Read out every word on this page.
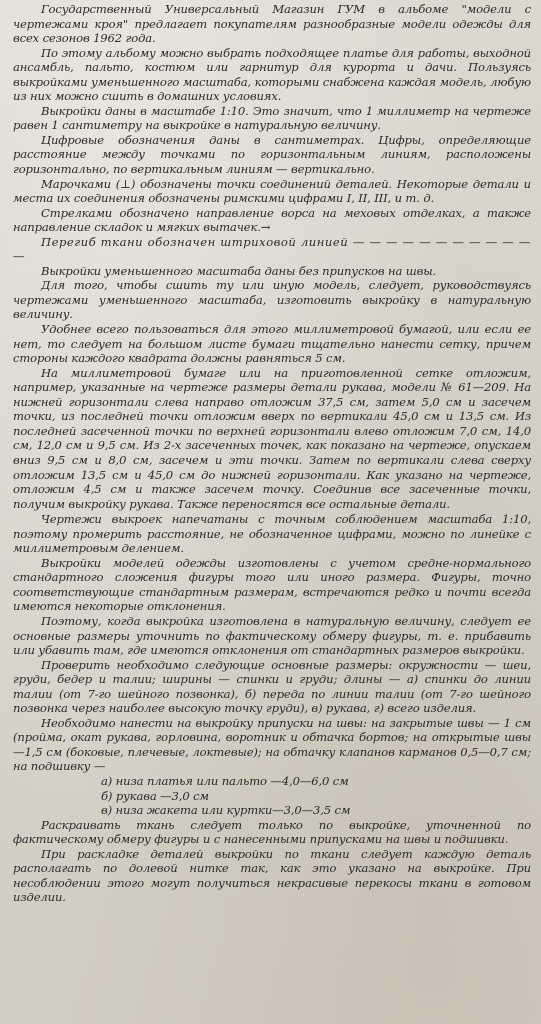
Государственный Универсальный Магазин ГУМ в альбоме "модели с чертежами кроя" предлагает покупателям разнообразные модели одежды для всех сезонов 1962 года.

По этому альбому можно выбрать подходящее платье для работы, выходной ансамбль, пальто, костюм или гарнитур для курорта и дачи. Пользуясь выкройками уменьшенного масштаба, которыми снабжена каждая модель, любую из них можно сшить в домашних условиях.

Выкройки даны в масштабе 1:10. Это значит, что 1 миллиметр на чертеже равен 1 сантиметру на выкройке в натуральную величину.

Цифровые обозначения даны в сантиметрах. Цифры, определяющие расстояние между точками по горизонтальным линиям, расположены горизонтально, по вертикальным линиям — вертикально.

Марочками (⊥) обозначены точки соединений деталей. Некоторые детали и места их соединения обозначены римскими цифрами I, II, III, и т. д.

Стрелками обозначено направление ворса на меховых отделках, а также направление складок и мягких вытачек.→

Перегиб ткани обозначен штриховой линией — — — — — — — — — — — —

Выкройки уменьшенного масштаба даны без припусков на швы.

Для того, чтобы сшить ту или иную модель, следует, руководствуясь чертежами уменьшенного масштаба, изготовить выкройку в натуральную величину.

Удобнее всего пользоваться для этого миллиметровой бумагой, или если ее нет, то следует на большом листе бумаги тщательно нанести сетку, причем стороны каждого квадрата должны равняться 5 см.

На миллиметровой бумаге или на приготовленной сетке отложим, например, указанные на чертеже размеры детали рукава, модели № 61—209. На нижней горизонтали слева направо отложим 37,5 см, затем 5,0 см и засечем точки, из последней точки отложим вверх по вертикали 45,0 см и 13,5 см. Из последней засеченной точки по верхней горизонтали влево отложим 7,0 см, 14,0 см, 12,0 см и 9,5 см. Из 2-х засеченных точек, как показано на чертеже, опускаем вниз 9,5 см и 8,0 см, засечем и эти точки. Затем по вертикали слева сверху отложим 13,5 см и 45,0 см до нижней горизонтали. Как указано на чертеже, отложим 4,5 см и также засечем точку. Соединив все засеченные точки, получим выкройку рукава. Также переносятся все остальные детали.

Чертежи выкроек напечатаны с точным соблюдением масштаба 1:10, поэтому промерить расстояние, не обозначенное цифрами, можно по линейке с миллиметровым делением.

Выкройки моделей одежды изготовлены с учетом средне-нормального стандартного сложения фигуры того или иного размера. Фигуры, точно соответствующие стандартным размерам, встречаются редко и почти всегда имеются некоторые отклонения.

Поэтому, когда выкройка изготовлена в натуральную величину, следует ее основные размеры уточнить по фактическому обмеру фигуры, т. е. прибавить или убавить там, где имеются отклонения от стандартных размеров выкройки.

Проверить необходимо следующие основные размеры: окружности — шеи, груди, бедер и талии; ширины — спинки и груди; длины — а) спинки до линии талии (от 7-го шейного позвонка), б) переда по линии талии (от 7-го шейного позвонка через наиболее высокую точку груди), в) рукава, г) всего изделия.

Необходимо нанести на выкройку припуски на швы: на закрытые швы — 1 см (пройма, окат рукава, горловина, воротник и обтачка бортов; на открытые швы —1,5 см (боковые, плечевые, локтевые); на обтачку клапанов карманов 0,5—0,7 см; на подшивку —

а) низа платья или пальто —4,0—6,0 см

б) рукава —3,0 см

в) низа жакета или куртки—3,0—3,5 см

Раскраивать ткань следует только по выкройке, уточненной по фактическому обмеру фигуры и с нанесенными припусками на швы и подшивки.

При раскладке деталей выкройки по ткани следует каждую деталь располагать по долевой нитке так, как это указано на выкройке. При несоблюдении этого могут получиться некрасивые перекосы ткани в готовом изделии.
